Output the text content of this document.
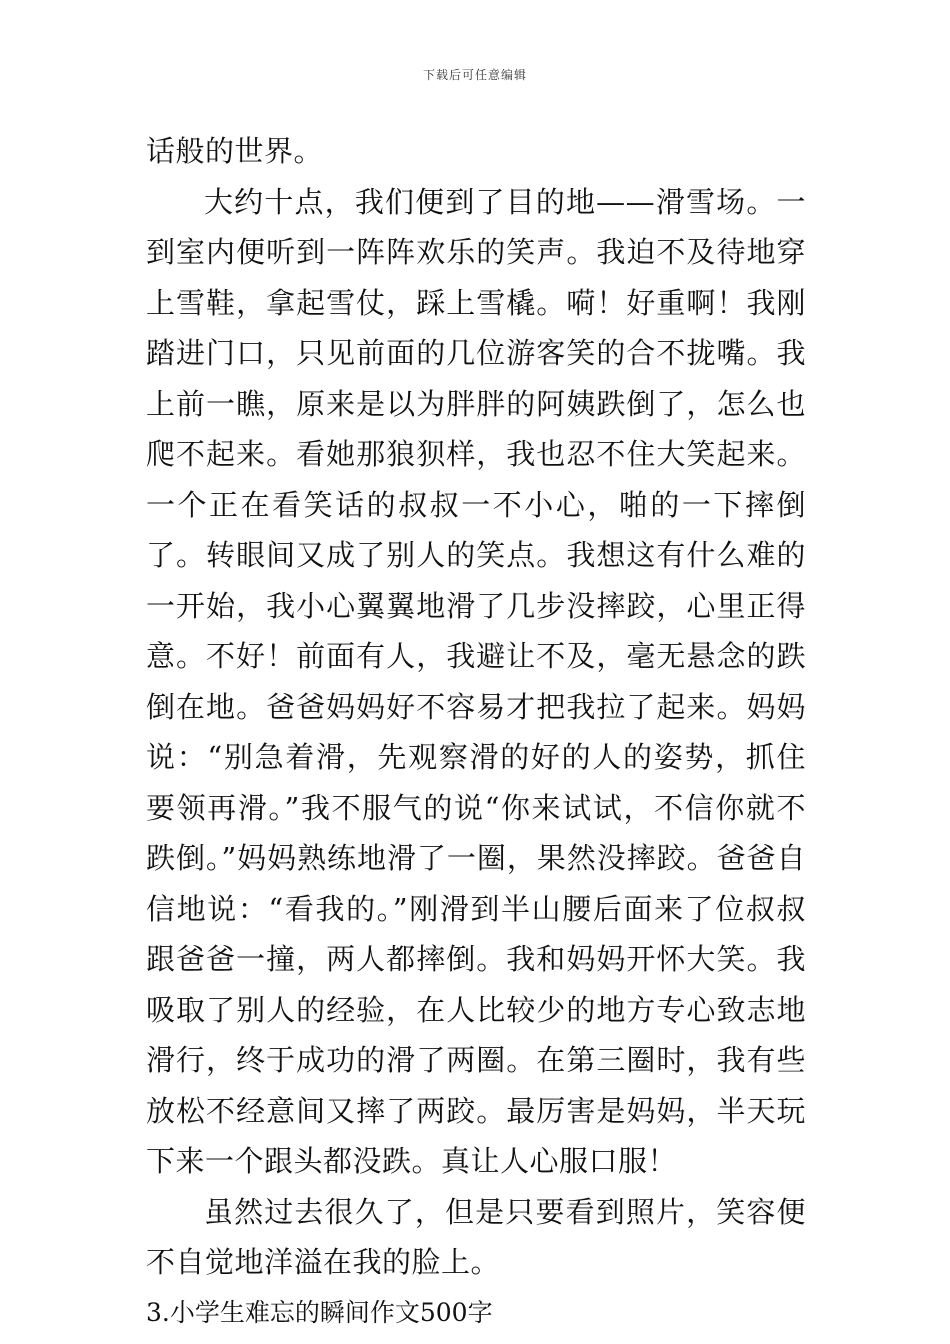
下载后可任意编辑

话般的世界。

大约十点，我们便到了目的地——滑雪场。一到室内便听到一阵阵欢乐的笑声。我迫不及待地穿上雪鞋，拿起雪仗，踩上雪橇。嗬！好重啊！我刚踏进门口，只见前面的几位游客笑的合不拢嘴。我上前一瞧，原来是以为胖胖的阿姨跌倒了，怎么也爬不起来。看她那狼狈样，我也忍不住大笑起来。一个正在看笑话的叔叔一不小心，啪的一下摔倒了。转眼间又成了别人的笑点。我想这有什么难的一开始，我小心翼翼地滑了几步没摔跤，心里正得意。不好！前面有人，我避让不及，毫无悬念的跌倒在地。爸爸妈妈好不容易才把我拉了起来。妈妈说：“别急着滑，先观察滑的好的人的姿势，抓住要领再滑。”我不服气的说“你来试试，不信你就不跌倒。”妈妈熟练地滑了一圈，果然没摔跤。爸爸自信地说：“看我的。”刚滑到半山腰后面来了位叔叔跟爸爸一撞，两人都摔倒。我和妈妈开怀大笑。我吸取了别人的经验，在人比较少的地方专心致志地滑行，终于成功的滑了两圈。在第三圈时，我有些放松不经意间又摔了两跤。最厉害是妈妈，半天玩下来一个跟头都没跌。真让人心服口服！

虽然过去很久了，但是只要看到照片，笑容便不自觉地洋溢在我的脸上。

3.小学生难忘的瞬间作文500字
